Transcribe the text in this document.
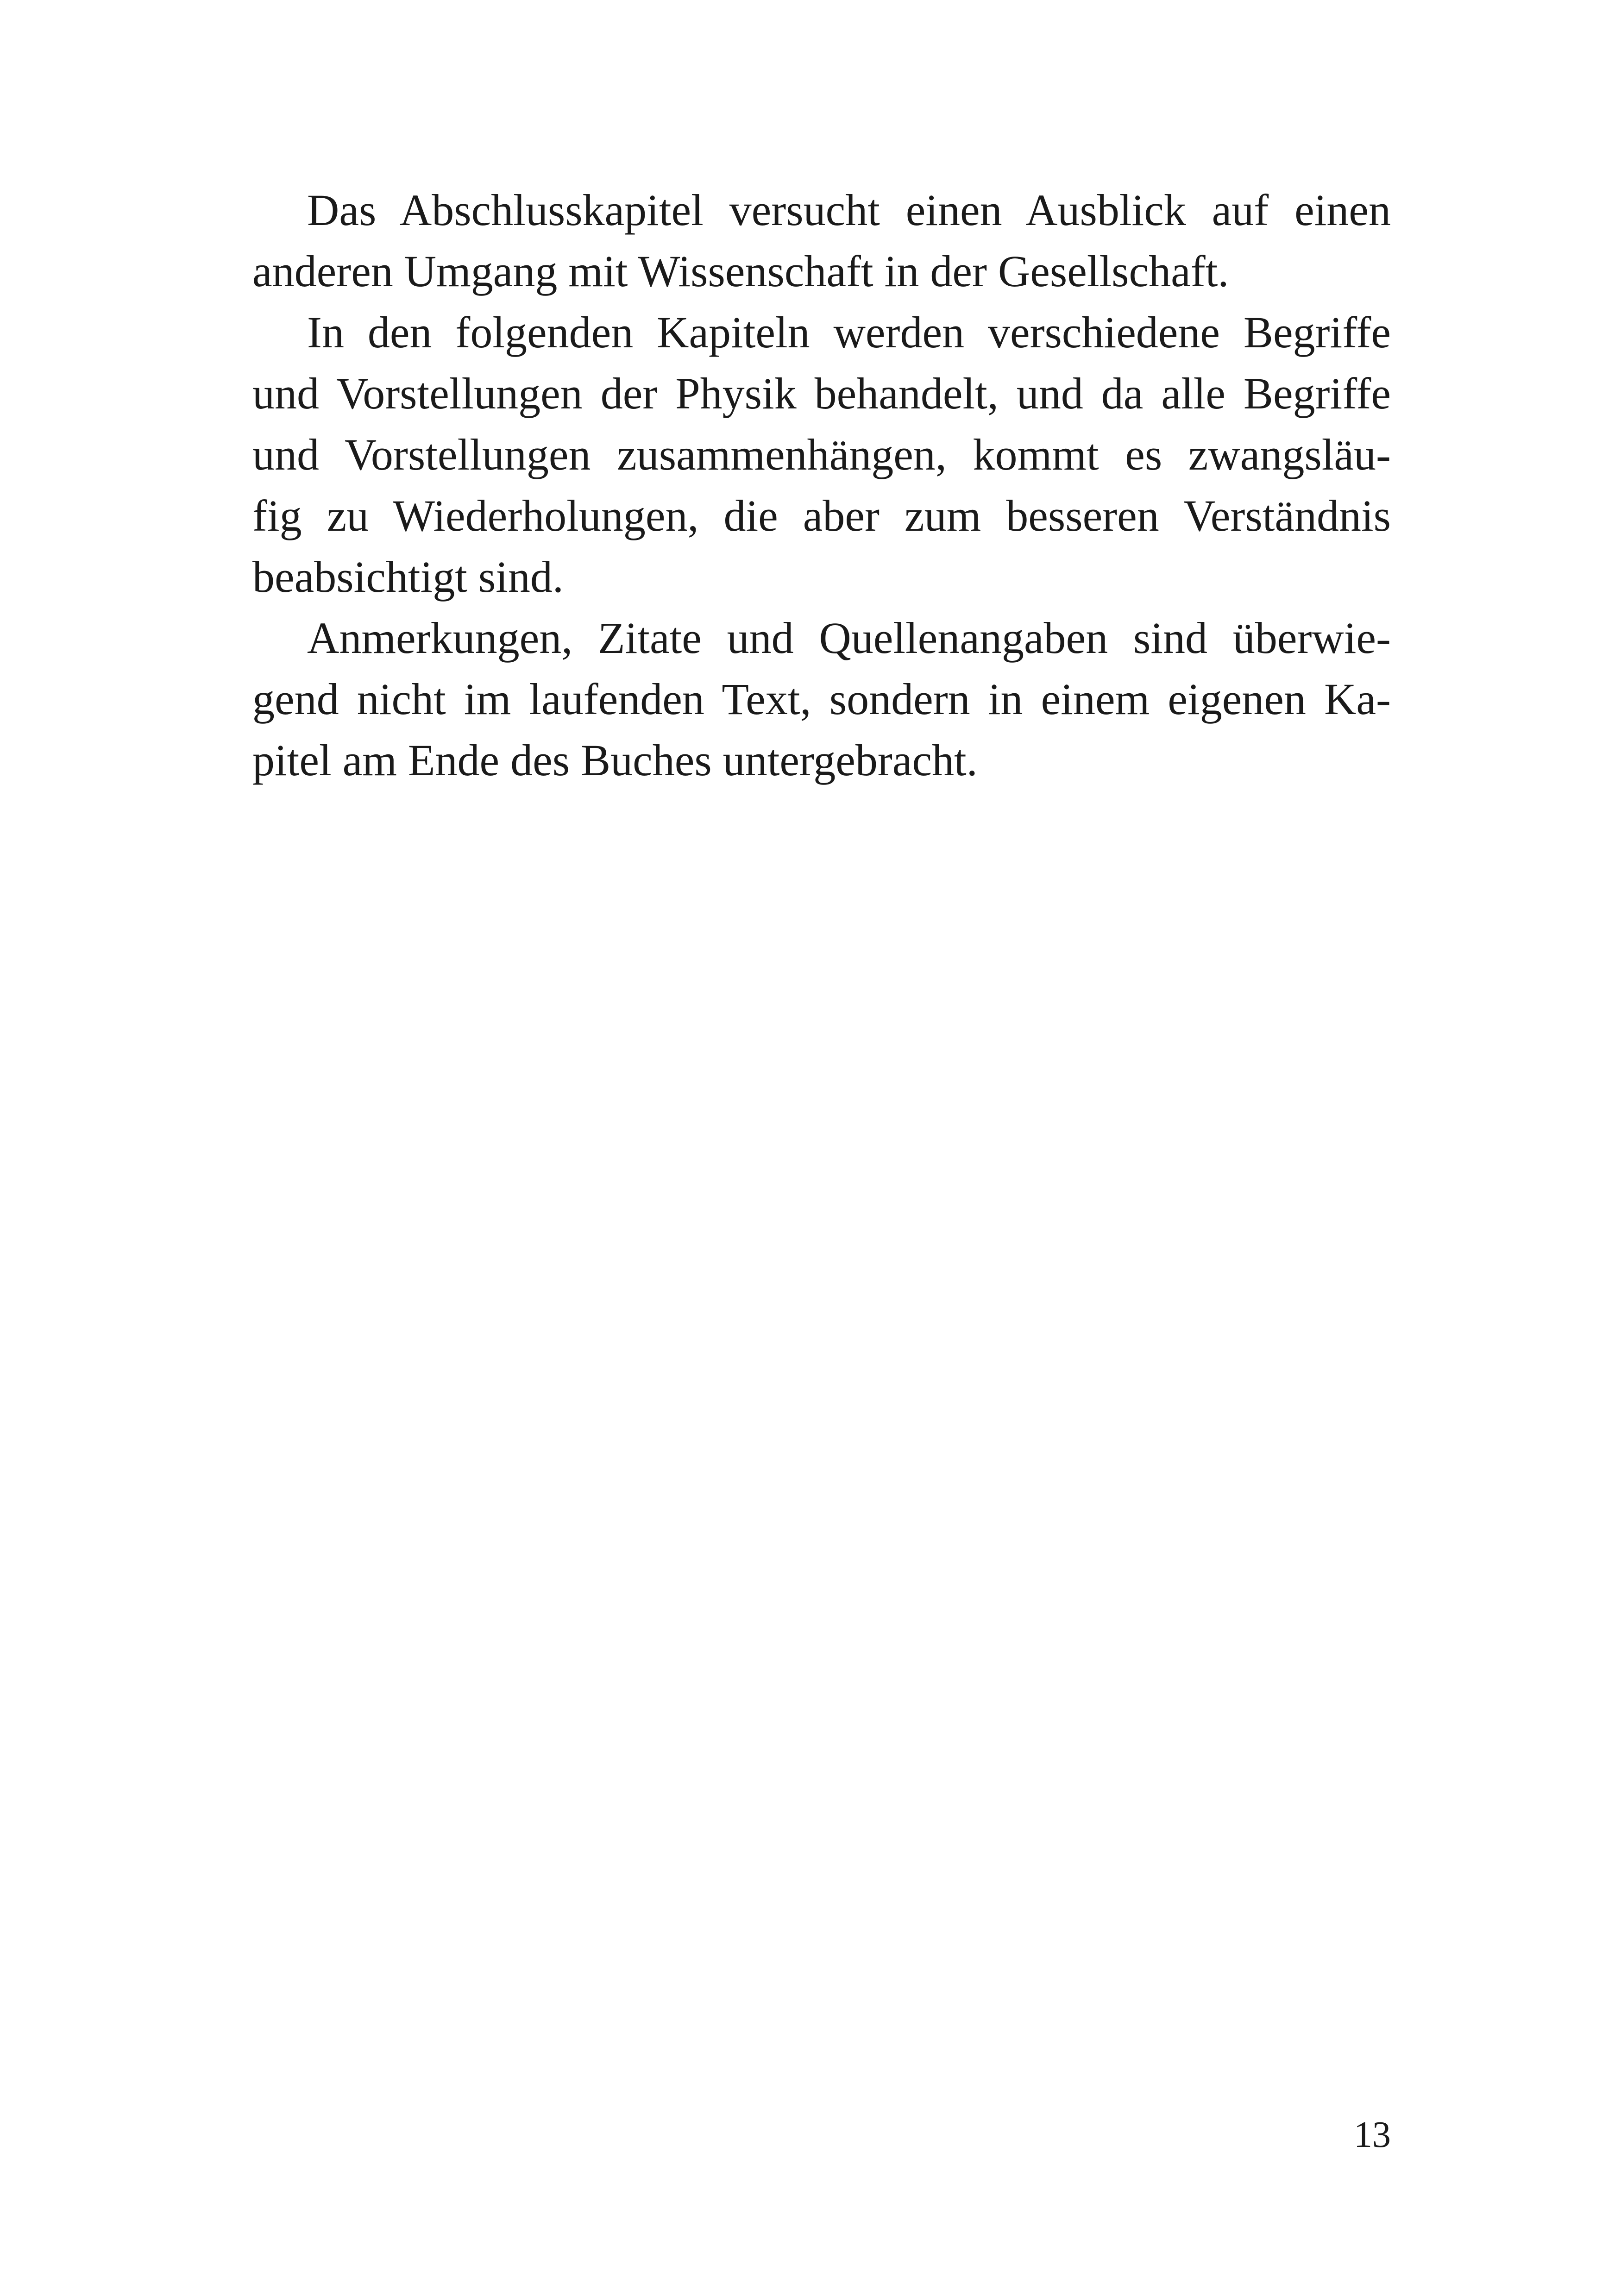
Das Abschlusskapitel versucht einen Ausblick auf einen

anderen Umgang mit Wissenschaft in der Gesellschaft.

In den folgenden Kapiteln werden verschiedene Begriffe

und Vorstellungen der Physik behandelt, und da alle Begriffe

und Vorstellungen zusammenhängen, kommt es zwangsläu-

fig zu Wiederholungen, die aber zum besseren Verständnis

beabsichtigt sind.

Anmerkungen, Zitate und Quellenangaben sind überwie-

gend nicht im laufenden Text, sondern in einem eigenen Ka-

pitel am Ende des Buches untergebracht.

13
